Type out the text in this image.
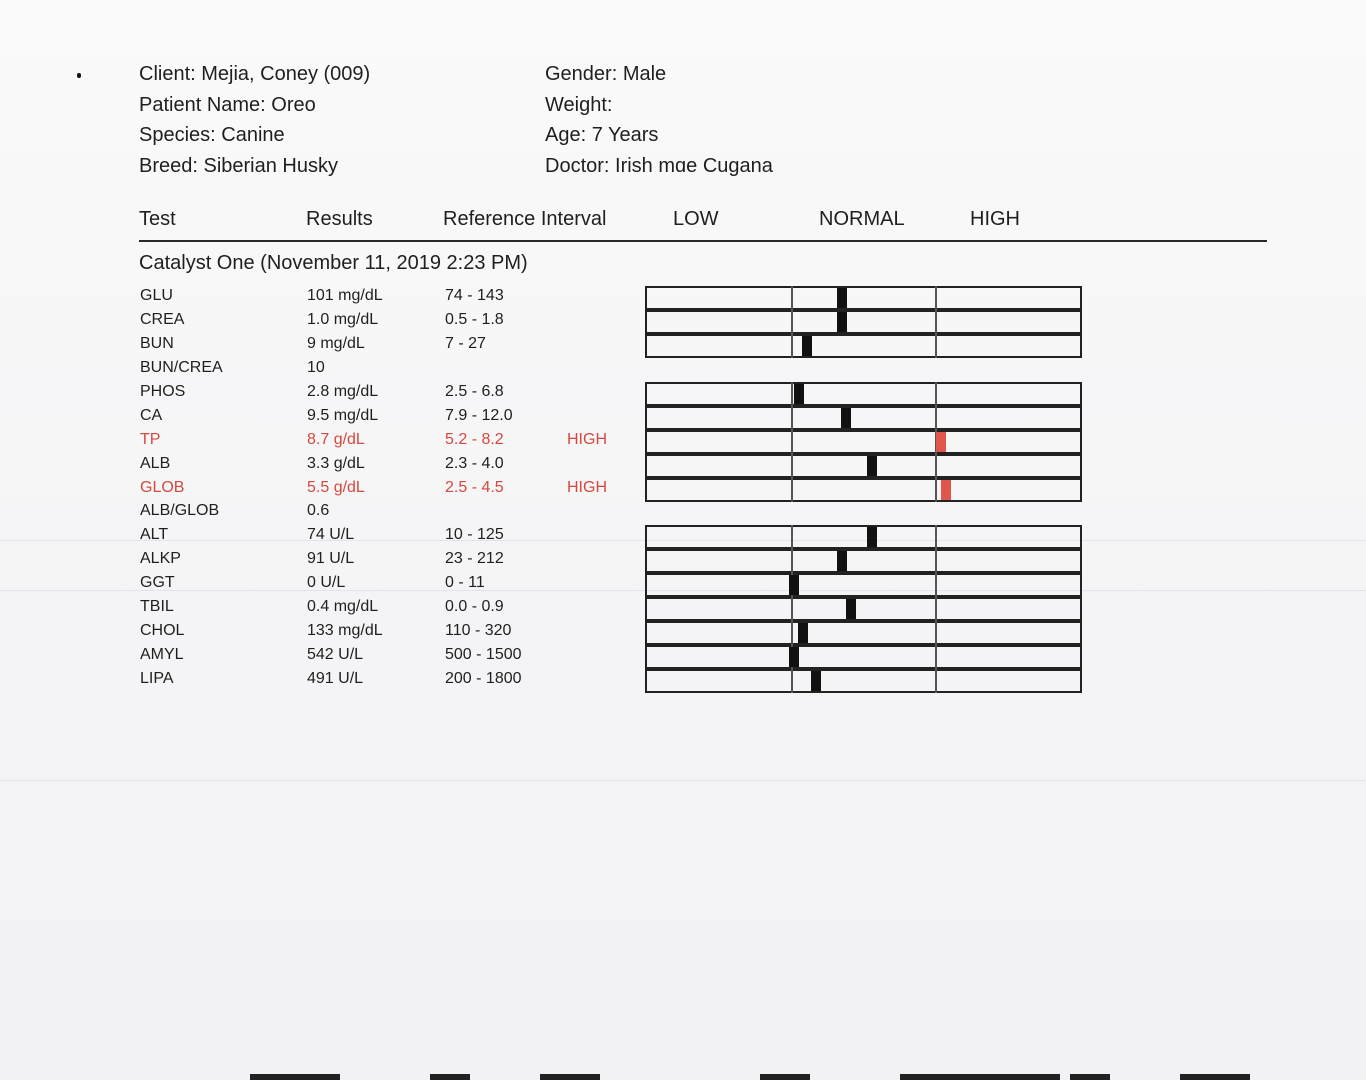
Client: Mejia, Coney (009)
Patient Name: Oreo
Species: Canine
Breed: Siberian Husky
Gender: Male
Weight:
Age: 7 Years
Doctor: Irish mɑe Cugana
Test	Results	Reference Interval	LOW	NORMAL	HIGH
Catalyst One (November 11, 2019 2:23 PM)
GLU	101 mg/dL	74 - 143
CREA	1.0 mg/dL	0.5 - 1.8
BUN	9 mg/dL	7 - 27
BUN/CREA	10
PHOS	2.8 mg/dL	2.5 - 6.8
CA	9.5 mg/dL	7.9 - 12.0
TP	8.7 g/dL	5.2 - 8.2	HIGH
ALB	3.3 g/dL	2.3 - 4.0
GLOB	5.5 g/dL	2.5 - 4.5	HIGH
ALB/GLOB	0.6
ALT	74 U/L	10 - 125
ALKP	91 U/L	23 - 212
GGT	0 U/L	0 - 11
TBIL	0.4 mg/dL	0.0 - 0.9
CHOL	133 mg/dL	110 - 320
AMYL	542 U/L	500 - 1500
LIPA	491 U/L	200 - 1800
